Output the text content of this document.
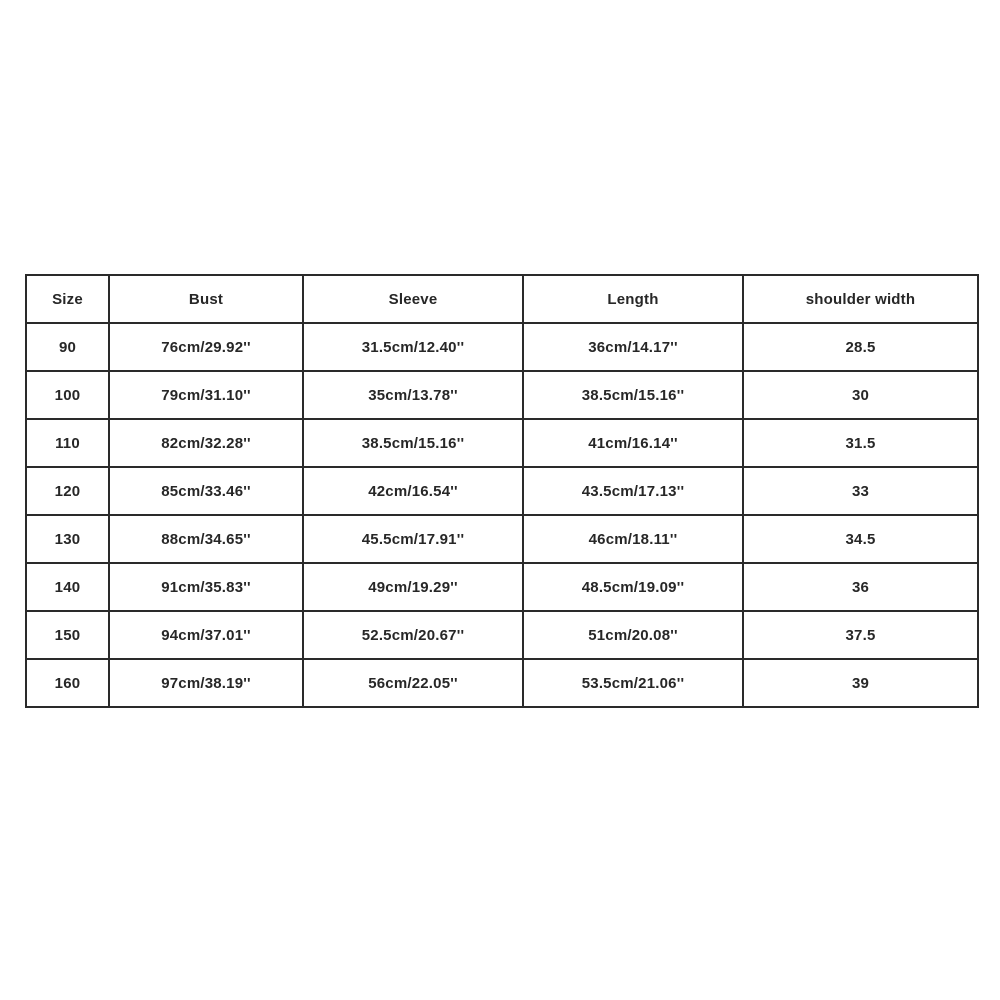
Size	Bust	Sleeve	Length	shoulder width
90	76cm/29.92''	31.5cm/12.40''	36cm/14.17''	28.5
100	79cm/31.10''	35cm/13.78''	38.5cm/15.16''	30
110	82cm/32.28''	38.5cm/15.16''	41cm/16.14''	31.5
120	85cm/33.46''	42cm/16.54''	43.5cm/17.13''	33
130	88cm/34.65''	45.5cm/17.91''	46cm/18.11''	34.5
140	91cm/35.83''	49cm/19.29''	48.5cm/19.09''	36
150	94cm/37.01''	52.5cm/20.67''	51cm/20.08''	37.5
160	97cm/38.19''	56cm/22.05''	53.5cm/21.06''	39
